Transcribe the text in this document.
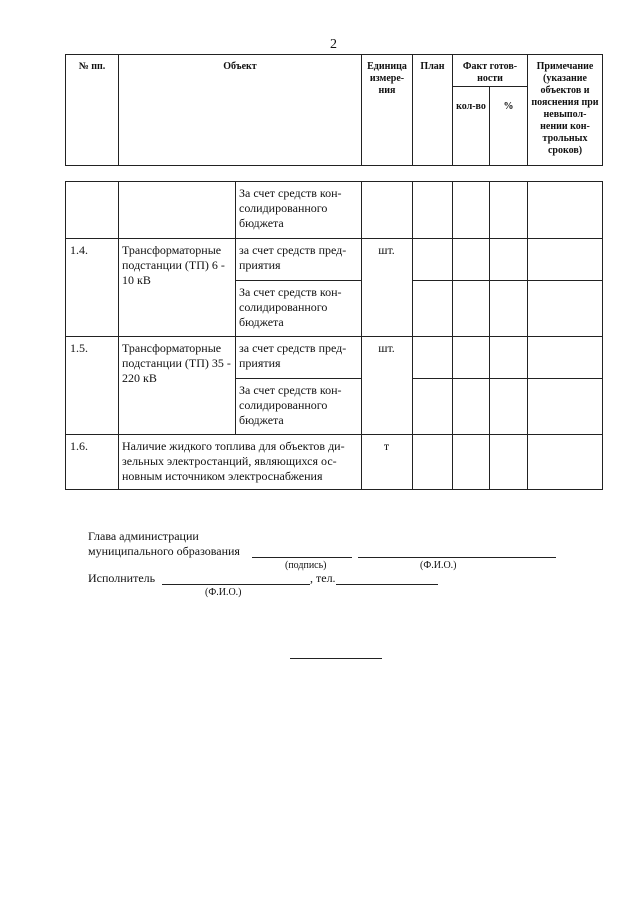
2
№ пп.	Объект	Единица измере-ния	План	Факт готов-ности		Примечание (указание объектов и пояснения при невыпол-нении кон-трольных сроков)
				кол-во	%	
		За счет средств кон-солидированного бюджета					
1.4.	Трансформаторные подстанции (ТП) 6 - 10 кВ	за счет средств пред-приятия	шт.				
		За счет средств кон-солидированного бюджета					
1.5.	Трансформаторные подстанции (ТП) 35 - 220 кВ	за счет средств пред-приятия	шт.				
		За счет средств кон-солидированного бюджета					
1.6.	Наличие жидкого топлива для объектов ди-зельных электростанций, являющихся ос-новным источником электроснабжения		т				
Глава администрации
муниципального образования
(подпись)	(Ф.И.О.)
Исполнитель	, тел.
(Ф.И.О.)
